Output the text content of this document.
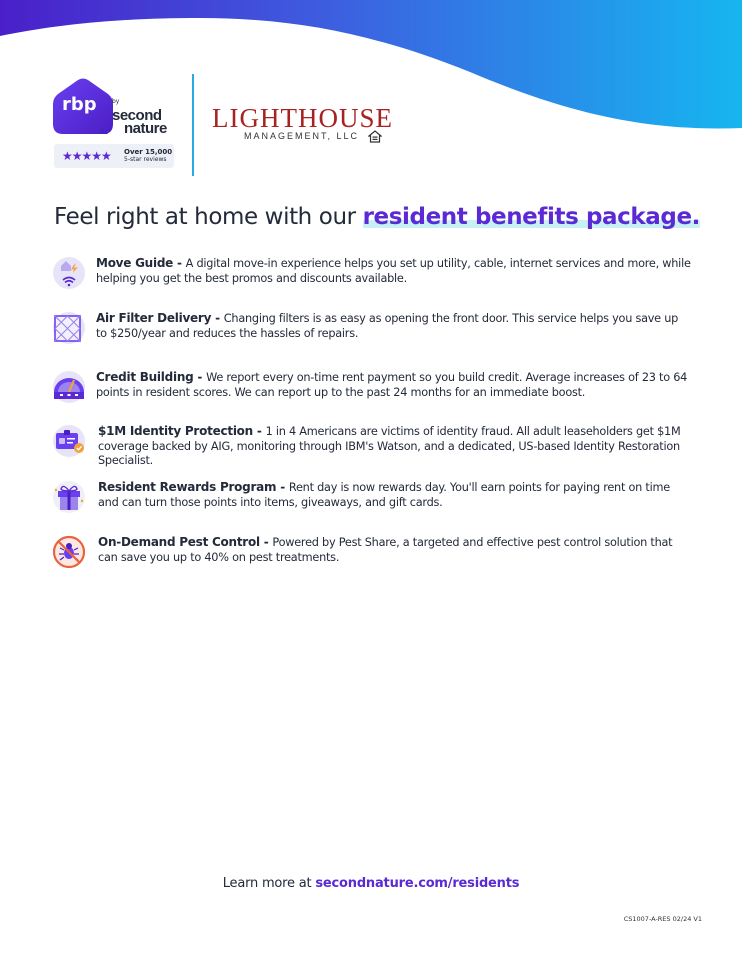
rbp	$^{by}$ second
nature
★★★★★ Over 15,000
5-star reviews
LIGHTHOUSE
MANAGEMENT, LLC
Feel right at home with our resident benefits package.
Move Guide - A digital move-in experience helps you set up utility, cable, internet services and more, while helping you get the best promos and discounts available.
Air Filter Delivery - Changing filters is as easy as opening the front door. This service helps you save up to $250/year and reduces the hassles of repairs.
Credit Building - We report every on-time rent payment so you build credit. Average increases of 23 to 64 points in resident scores. We can report up to the past 24 months for an immediate boost.
$1M Identity Protection - 1 in 4 Americans are victims of identity fraud. All adult leaseholders get $1M coverage backed by AIG, monitoring through IBM's Watson, and a dedicated, US-based Identity Restoration Specialist.
Resident Rewards Program - Rent day is now rewards day. You'll earn points for paying rent on time and can turn those points into items, giveaways, and gift cards.
On-Demand Pest Control - Powered by Pest Share, a targeted and effective pest control solution that can save you up to 40% on pest treatments.
Learn more at secondnature.com/residents
CS1007-A-RES 02/24 V1
